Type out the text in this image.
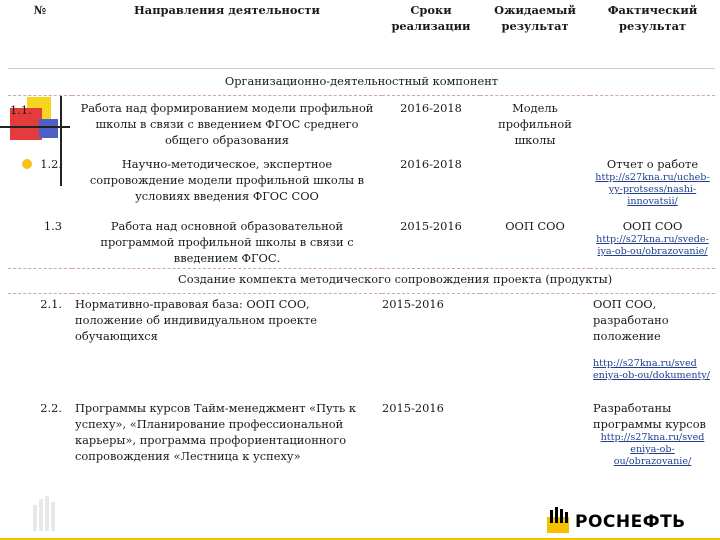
№	Направления деятельности	Сроки реализации	Ожидаемый результат	Фактический результат
Организационно-деятельностный компонент				
1.1.	Работа над формированием модели профильной школы в связи с введением ФГОС среднего общего образования	2016-2018	Модель профильной школы	
1.2.	Научно-методическое, экспертное сопровождение модели профильной школы в условиях введения ФГОС СОО	2016-2018		Отчет о работе
http://s27kna.ru/uchebyy-protsess/nashi-innovatsii/

1.3	Работа над основной образовательной программой профильной школы в связи с введением ФГОС.	2015-2016	ООП СОО	ООП СОО
http://s27kna.ru/svedeiya-ob-ou/obrazovanie/

Создание компекта методического сопровождения проекта (продукты)				
2.1.	Нормативно-правовая база: ООП СОО, положение об индивидуальном проекте обучающихся	2015-2016		ООП СОО, разработано положение
http://s27kna.ru/sved eniya-ob-ou/dokumenty/

2.2.	Программы курсов Тайм-менеджмент «Путь к успеху», «Планирование профессиональной карьеры», программа профориентационного сопровождения «Лестница к успеху»	2015-2016		Разработаны программы курсов
http://s27kna.ru/sved eniya-ob-ou/obrazovanie/
РОСНЕФТЬ
